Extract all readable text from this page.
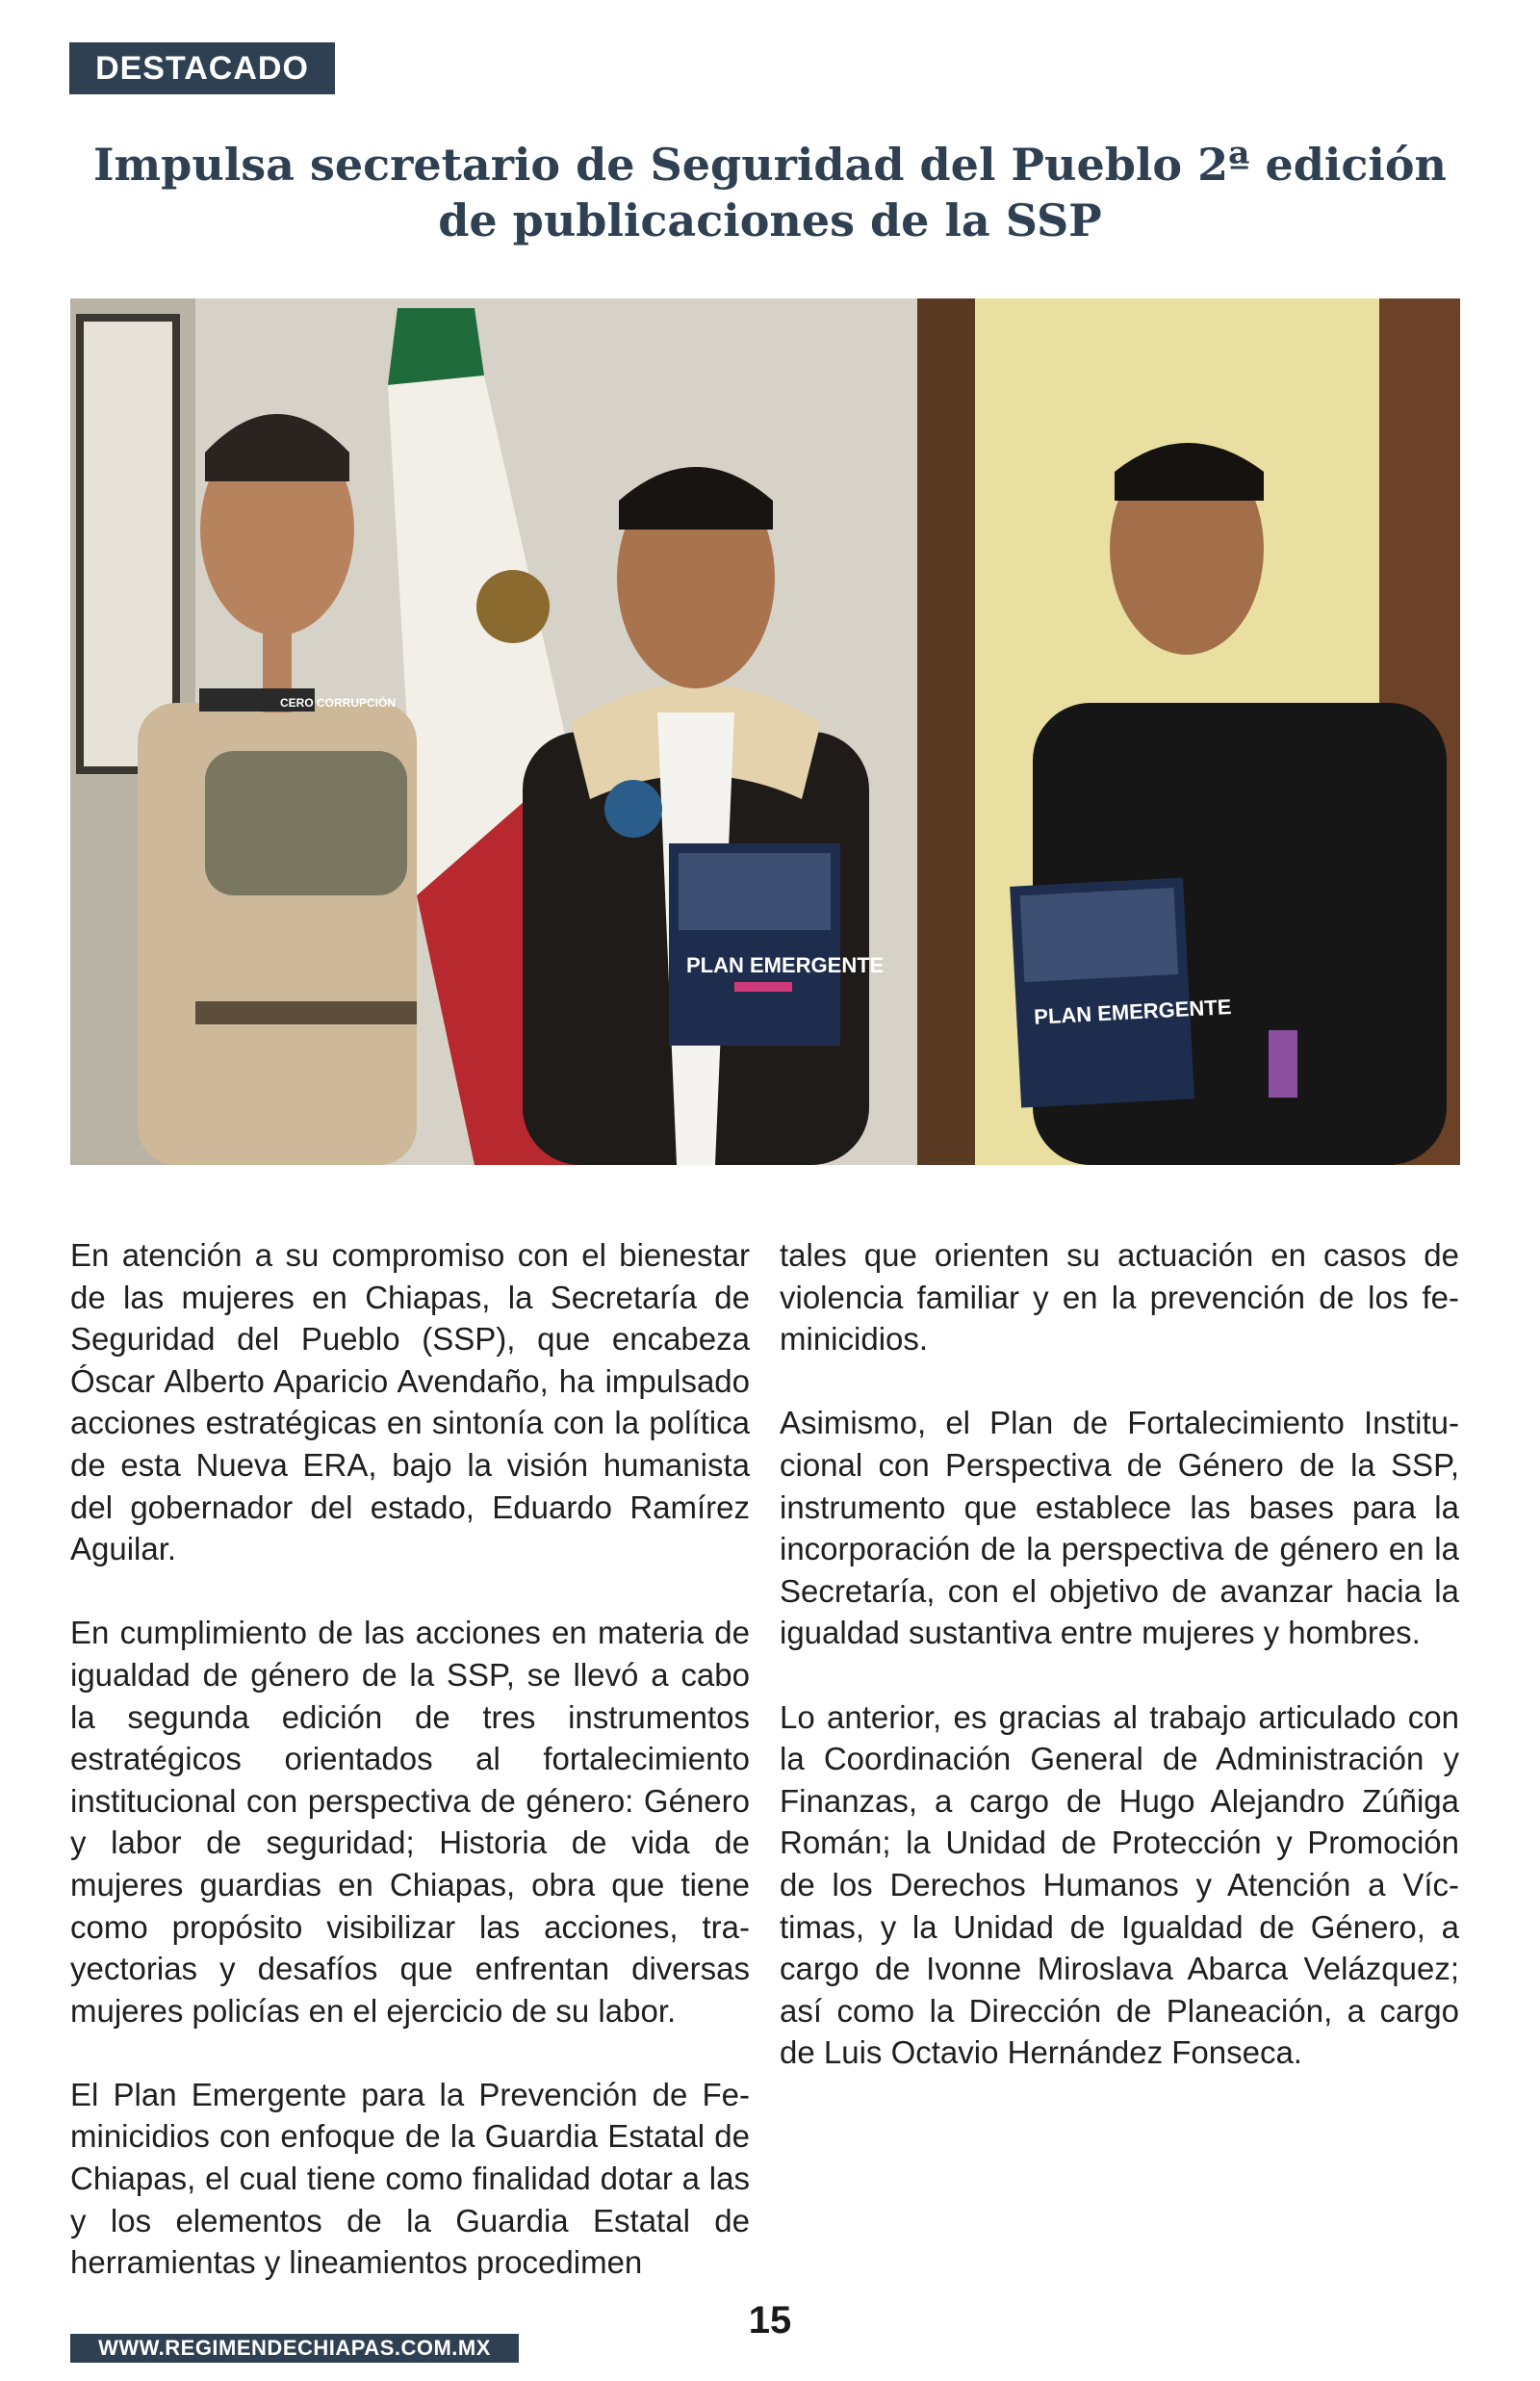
DESTACADO
Impulsa secretario de Seguridad del Pueblo 2ª edición de publicaciones de la SSP
PLAN EMERGENTE
PLAN EMERGENTE
CERO CORRUPCIÓN

En atención a su compromiso con el bienestar de las mujeres en Chiapas, la Secretaría de Seguridad del Pueblo (SSP), que encabeza Óscar Alberto Aparicio Avendaño, ha impulsado acciones estratégicas en sintonía con la política de esta Nueva ERA, bajo la visión humanista del gobernador del estado, Eduardo Ramírez Aguilar.

En cumplimiento de las acciones en materia de igualdad de género de la SSP, se llevó a cabo la segunda edición de tres instrumentos estratégicos orientados al fortalecimiento institucional con perspectiva de género: Género y labor de seguridad; Historia de vida de mujeres guardias en Chiapas, obra que tiene como propósito visibilizar las acciones, trayectorias y desafíos que enfrentan diversas mujeres policías en el ejercicio de su labor.

El Plan Emergente para la Prevención de Feminicidios con enfoque de la Guardia Estatal de Chiapas, el cual tiene como finalidad dotar a las y los elementos de la Guardia Estatal de herramientas y lineamientos procedimen

tales que orienten su actuación en casos de violencia familiar y en la prevención de los feminicidios.

Asimismo, el Plan de Fortalecimiento Institucional con Perspectiva de Género de la SSP, instrumento que establece las bases para la incorporación de la perspectiva de género en la Secretaría, con el objetivo de avanzar hacia la igualdad sustantiva entre mujeres y hombres.

Lo anterior, es gracias al trabajo articulado con la Coordinación General de Administración y Finanzas, a cargo de Hugo Alejandro Zúñiga Román; la Unidad de Protección y Promoción de los Derechos Humanos y Atención a Víctimas, y la Unidad de Igualdad de Género, a cargo de Ivonne Miroslava Abarca Velázquez; así como la Dirección de Planeación, a cargo de Luis Octavio Hernández Fonseca.

WWW.REGIMENDECHIAPAS.COM.MX
15
